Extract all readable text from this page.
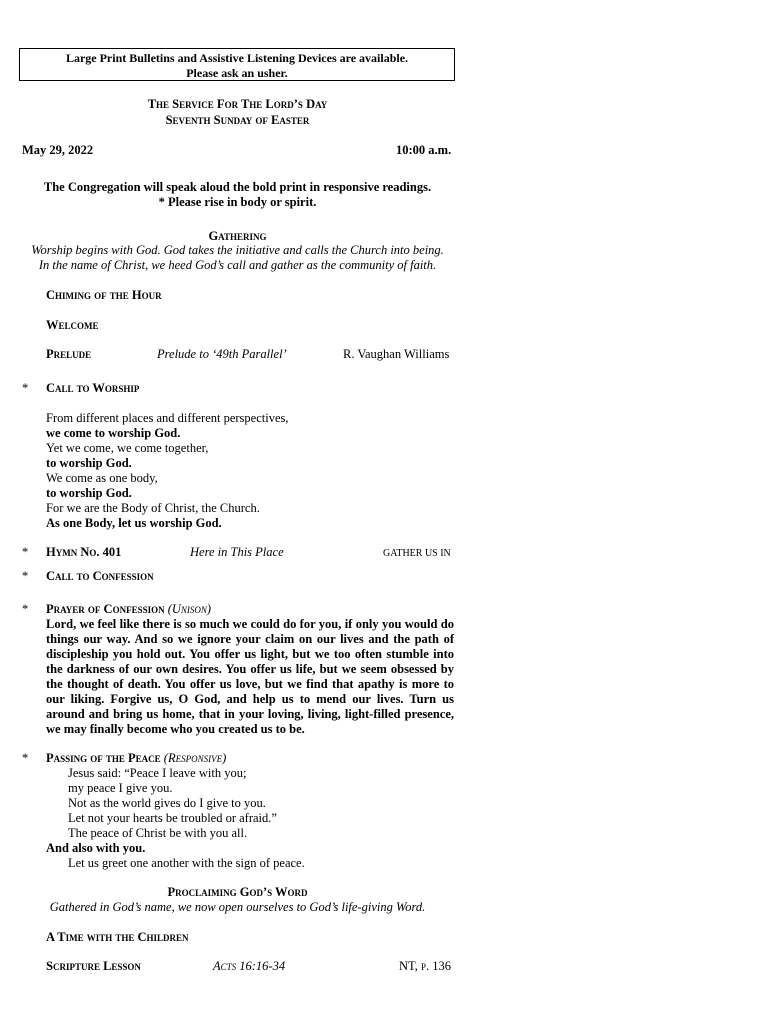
Large Print Bulletins and Assistive Listening Devices are available.
Please ask an usher.
The Service For The Lord’s Day
Seventh Sunday of Easter
May 29, 2022	10:00 a.m.
The Congregation will speak aloud the bold print in responsive readings.
* Please rise in body or spirit.
Gathering
Worship begins with God. God takes the initiative and calls the Church into being.
In the name of Christ, we heed God’s call and gather as the community of faith.
Chiming of the Hour
Welcome
Prelude	Prelude to ‘49th Parallel’	R. Vaughan Williams
* Call to Worship
From different places and different perspectives,
we come to worship God.
Yet we come, we come together,
to worship God.
We come as one body,
to worship God.
For we are the Body of Christ, the Church.
As one Body, let us worship God.
* Hymn No. 401	Here in This Place	GATHER US IN
* Call to Confession
* Prayer of Confession (Unison)
Lord, we feel like there is so much we could do for you, if only you would do things our way. And so we ignore your claim on our lives and the path of discipleship you hold out. You offer us light, but we too often stumble into the darkness of our own desires. You offer us life, but we seem obsessed by the thought of death. You offer us love, but we find that apathy is more to our liking. Forgive us, O God, and help us to mend our lives. Turn us around and bring us home, that in your loving, living, light-filled presence, we may finally become who you created us to be.
* Passing of the Peace (Responsive)
Jesus said: “Peace I leave with you;
my peace I give you.
Not as the world gives do I give to you.
Let not your hearts be troubled or afraid.”
The peace of Christ be with you all.
And also with you.
Let us greet one another with the sign of peace.
Proclaiming God’s Word
Gathered in God’s name, we now open ourselves to God’s life-giving Word.
A Time with the Children
Scripture Lesson	Acts 16:16-34	NT, p. 136
